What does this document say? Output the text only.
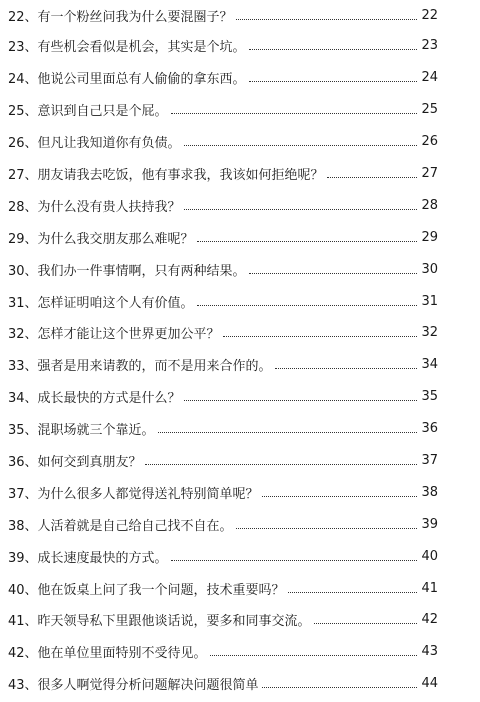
22、 有一个粉丝问我为什么要混圈子？	22
23、 有些机会看似是机会，其实是个坑。	23
24、 他说公司里面总有人偷偷的拿东西。	24
25、 意识到自己只是个屁。	25
26、 但凡让我知道你有负债。	26
27、 朋友请我去吃饭，他有事求我，我该如何拒绝呢？	27
28、 为什么没有贵人扶持我？	28
29、 为什么我交朋友那么难呢？	29
30、 我们办一件事情啊，只有两种结果。	30
31、 怎样证明咱这个人有价值。	31
32、 怎样才能让这个世界更加公平？	32
33、 强者是用来请教的，而不是用来合作的。	34
34、 成长最快的方式是什么？	35
35、 混职场就三个靠近。	36
36、 如何交到真朋友？	37
37、 为什么很多人都觉得送礼特别简单呢？	38
38、 人活着就是自己给自己找不自在。	39
39、 成长速度最快的方式。	40
40、 他在饭桌上问了我一个问题，技术重要吗？	41
41、 昨天领导私下里跟他谈话说，要多和同事交流。	42
42、 他在单位里面特别不受待见。	43
43、 很多人啊觉得分析问题解决问题很简单	44
